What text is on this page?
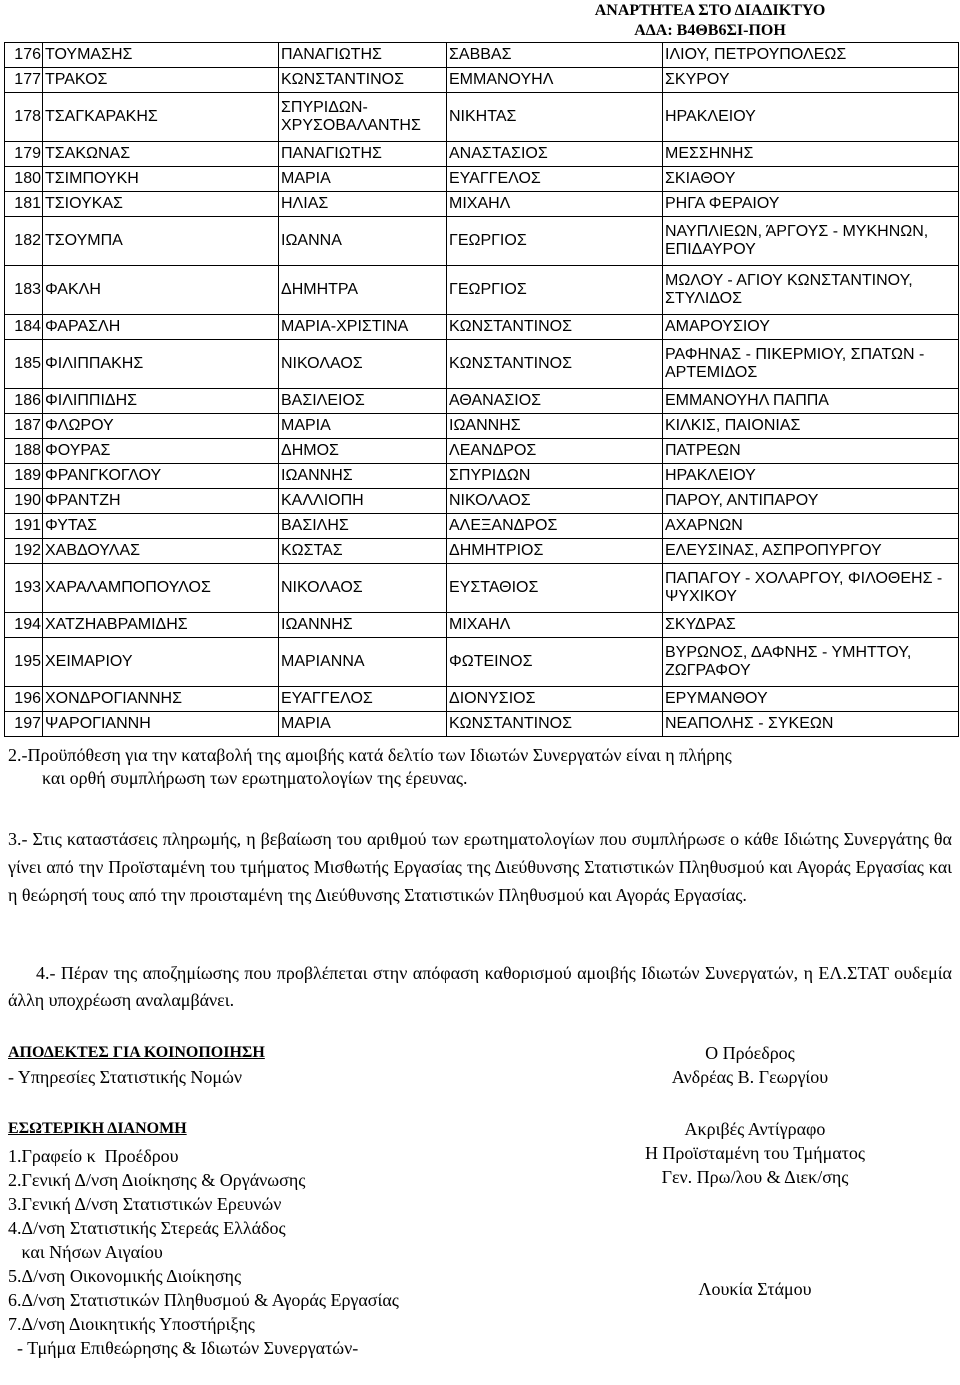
ΑΝΑΡΤΗΤΕΑ ΣΤΟ ΔΙΑΔΙΚΤΥΟ
ΑΔΑ: Β4ΘΒ6ΣΙ-ΠΟΗ
176	ΤΟΥΜΑΣΗΣ	ΠΑΝΑΓΙΩΤΗΣ	ΣΑΒΒΑΣ	ΙΛΙΟΥ, ΠΕΤΡΟΥΠΟΛΕΩΣ
177	ΤΡΑΚΟΣ	ΚΩΝΣΤΑΝΤΙΝΟΣ	ΕΜΜΑΝΟΥΗΛ	ΣΚΥΡΟΥ
178	ΤΣΑΓΚΑΡΑΚΗΣ	ΣΠΥΡΙΔΩΝ-ΧΡΥΣΟΒΑΛΑΝΤΗΣ	ΝΙΚΗΤΑΣ	ΗΡΑΚΛΕΙΟΥ
179	ΤΣΑΚΩΝΑΣ	ΠΑΝΑΓΙΩΤΗΣ	ΑΝΑΣΤΑΣΙΟΣ	ΜΕΣΣΗΝΗΣ
180	ΤΣΙΜΠΟΥΚΗ	ΜΑΡΙΑ	ΕΥΑΓΓΕΛΟΣ	ΣΚΙΑΘΟΥ
181	ΤΣΙΟΥΚΑΣ	ΗΛΙΑΣ	ΜΙΧΑΗΛ	ΡΗΓΑ ΦΕΡΑΙΟΥ
182	ΤΣΟΥΜΠΑ	ΙΩΑΝΝΑ	ΓΕΩΡΓΙΟΣ	ΝΑΥΠΛΙΕΩΝ, ΆΡΓΟΥΣ - ΜΥΚΗΝΩΝ, ΕΠΙΔΑΥΡΟΥ
183	ΦΑΚΛΗ	ΔΗΜΗΤΡΑ	ΓΕΩΡΓΙΟΣ	ΜΩΛΟΥ - ΑΓΙΟΥ ΚΩΝΣΤΑΝΤΙΝΟΥ, ΣΤΥΛΙΔΟΣ
184	ΦΑΡΑΣΛΗ	ΜΑΡΙΑ-ΧΡΙΣΤΙΝΑ	ΚΩΝΣΤΑΝΤΙΝΟΣ	ΑΜΑΡΟΥΣΙΟΥ
185	ΦΙΛΙΠΠΑΚΗΣ	ΝΙΚΟΛΑΟΣ	ΚΩΝΣΤΑΝΤΙΝΟΣ	ΡΑΦΗΝΑΣ - ΠΙΚΕΡΜΙΟΥ, ΣΠΑΤΩΝ - ΑΡΤΕΜΙΔΟΣ
186	ΦΙΛΙΠΠΙΔΗΣ	ΒΑΣΙΛΕΙΟΣ	ΑΘΑΝΑΣΙΟΣ	ΕΜΜΑΝΟΥΗΛ ΠΑΠΠΑ
187	ΦΛΩΡΟΥ	ΜΑΡΙΑ	ΙΩΑΝΝΗΣ	ΚΙΛΚΙΣ, ΠΑΙΟΝΙΑΣ
188	ΦΟΥΡΑΣ	ΔΗΜΟΣ	ΛΕΑΝΔΡΟΣ	ΠΑΤΡΕΩΝ
189	ΦΡΑΝΓΚΟΓΛΟΥ	ΙΩΑΝΝΗΣ	ΣΠΥΡΙΔΩΝ	ΗΡΑΚΛΕΙΟΥ
190	ΦΡΑΝΤΖΗ	ΚΑΛΛΙΟΠΗ	ΝΙΚΟΛΑΟΣ	ΠΑΡΟΥ, ΑΝΤΙΠΑΡΟΥ
191	ΦΥΤΑΣ	ΒΑΣΙΛΗΣ	ΑΛΕΞΑΝΔΡΟΣ	ΑΧΑΡΝΩΝ
192	ΧΑΒΔΟΥΛΑΣ	ΚΩΣΤΑΣ	ΔΗΜΗΤΡΙΟΣ	ΕΛΕΥΣΙΝΑΣ, ΑΣΠΡΟΠΥΡΓΟΥ
193	ΧΑΡΑΛΑΜΠΟΠΟΥΛΟΣ	ΝΙΚΟΛΑΟΣ	ΕΥΣΤΑΘΙΟΣ	ΠΑΠΑΓΟΥ - ΧΟΛΑΡΓΟΥ, ΦΙΛΟΘΕΗΣ - ΨΥΧΙΚΟΥ
194	ΧΑΤΖΗΑΒΡΑΜΙΔΗΣ	ΙΩΑΝΝΗΣ	ΜΙΧΑΗΛ	ΣΚΥΔΡΑΣ
195	ΧΕΙΜΑΡΙΟΥ	ΜΑΡΙΑΝΝΑ	ΦΩΤΕΙΝΟΣ	ΒΥΡΩΝΟΣ, ΔΑΦΝΗΣ - ΥΜΗΤΤΟΥ, ΖΩΓΡΑΦΟΥ
196	ΧΟΝΔΡΟΓΙΑΝΝΗΣ	ΕΥΑΓΓΕΛΟΣ	ΔΙΟΝΥΣΙΟΣ	ΕΡΥΜΑΝΘΟΥ
197	ΨΑΡΟΓΙΑΝΝΗ	ΜΑΡΙΑ	ΚΩΝΣΤΑΝΤΙΝΟΣ	ΝΕΑΠΟΛΗΣ - ΣΥΚΕΩΝ
2.-Προϋπόθεση για την καταβολή της αμοιβής κατά δελτίο των Ιδιωτών Συνεργατών είναι η πλήρης
και ορθή συμπλήρωση των ερωτηματολογίων της έρευνας.
3.- Στις καταστάσεις πληρωμής, η βεβαίωση του αριθμού των ερωτηματολογίων που συμπλήρωσε ο κάθε Ιδιώτης Συνεργάτης θα γίνει από την Προϊσταμένη του τμήματος Μισθωτής Εργασίας της Διεύθυνσης Στατιστικών Πληθυσμού και Αγοράς Εργασίας και η θεώρησή τους από την προισταμένη της Διεύθυνσης Στατιστικών Πληθυσμού και Αγοράς Εργασίας.
4.- Πέραν της αποζημίωσης που προβλέπεται στην απόφαση καθορισμού αμοιβής Ιδιωτών Συνεργατών, η ΕΛ.ΣΤΑΤ ουδεμία άλλη υποχρέωση αναλαμβάνει.
ΑΠΟΔΕΚΤΕΣ ΓΙΑ ΚΟΙΝΟΠΟΙΗΣΗ
- Υπηρεσίες Στατιστικής Νομών
Ο Πρόεδρος
Ανδρέας Β. Γεωργίου
ΕΣΩΤΕΡΙΚΗ ΔΙΑΝΟΜΗ
1.Γραφείο κ  Προέδρου
2.Γενική Δ/νση Διοίκησης & Οργάνωσης
3.Γενική Δ/νση Στατιστικών Ερευνών
4.Δ/νση Στατιστικής Στερεάς Ελλάδος
και Νήσων Αιγαίου
5.Δ/νση Οικονομικής Διοίκησης
6.Δ/νση Στατιστικών Πληθυσμού & Αγοράς Εργασίας
7.Δ/νση Διοικητικής Υποστήριξης
- Τμήμα Επιθεώρησης & Ιδιωτών Συνεργατών-
Ακριβές Αντίγραφο
Η Προϊσταμένη του Τμήματος
Γεν. Πρω/λου & Διεκ/σης
Λουκία Στάμου
